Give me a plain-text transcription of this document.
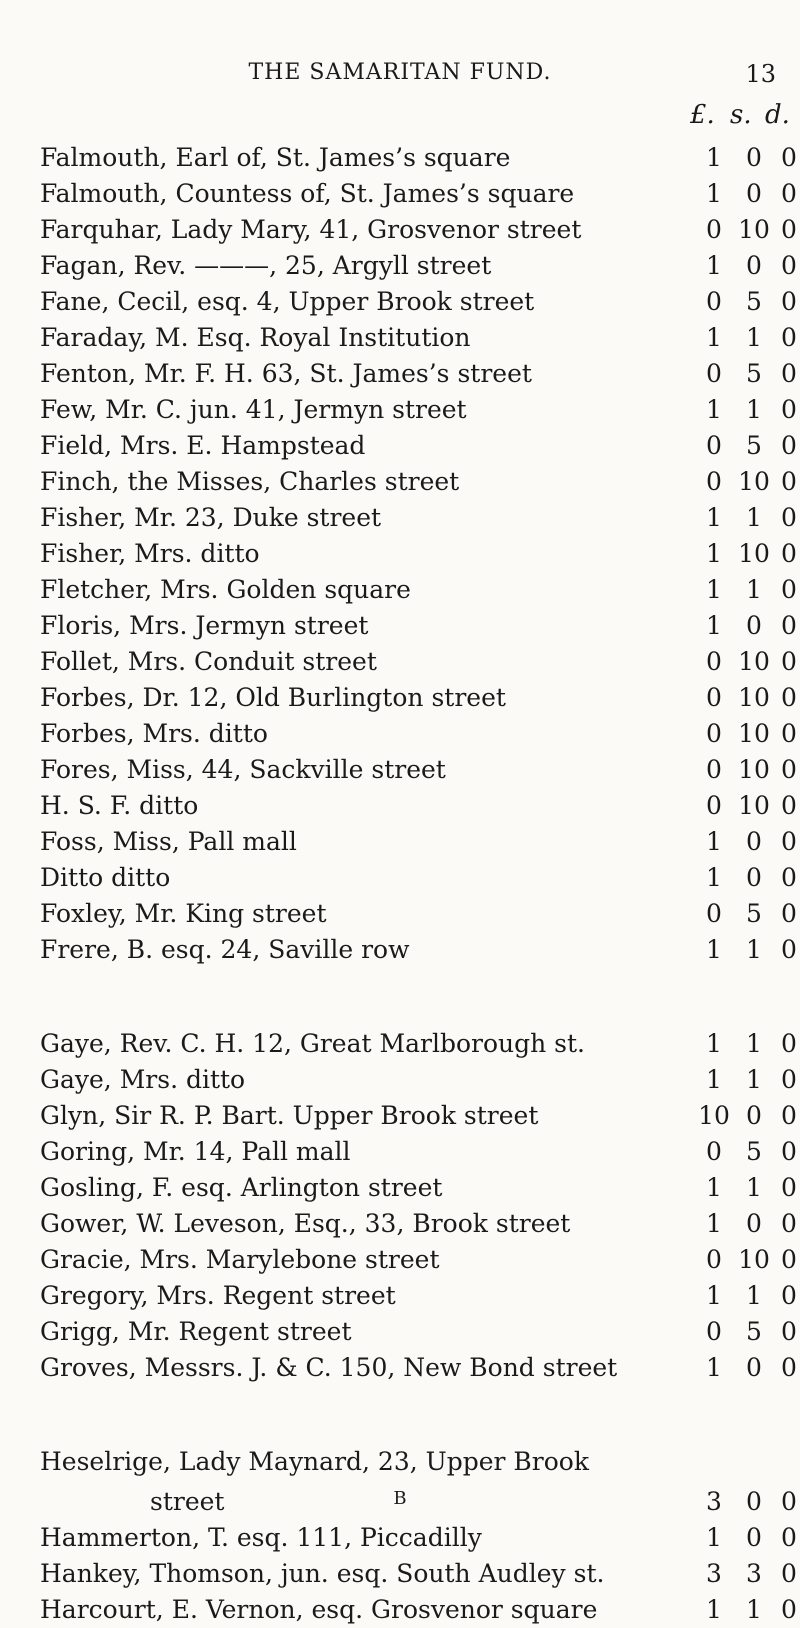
THE SAMARITAN FUND.	13
£. s. d.
Falmouth, Earl of, St. James’s square	1 0 0
Falmouth, Countess of, St. James’s square	1 0 0
Farquhar, Lady Mary, 41, Grosvenor street	0 10 0
Fagan, Rev. ———, 25, Argyll street	1 0 0
Fane, Cecil, esq. 4, Upper Brook street	0 5 0
Faraday, M. Esq. Royal Institution	1 1 0
Fenton, Mr. F. H. 63, St. James’s street	0 5 0
Few, Mr. C. jun. 41, Jermyn street	1 1 0
Field, Mrs. E. Hampstead	0 5 0
Finch, the Misses, Charles street	0 10 0
Fisher, Mr. 23, Duke street	1 1 0
Fisher, Mrs. ditto	1 10 0
Fletcher, Mrs. Golden square	1 1 0
Floris, Mrs. Jermyn street	1 0 0
Follet, Mrs. Conduit street	0 10 0
Forbes, Dr. 12, Old Burlington street	0 10 0
Forbes, Mrs. ditto	0 10 0
Fores, Miss, 44, Sackville street	0 10 0
H. S. F. ditto	0 10 0
Foss, Miss, Pall mall	1 0 0
Ditto ditto	1 0 0
Foxley, Mr. King street	0 5 0
Frere, B. esq. 24, Saville row	1 1 0
Gaye, Rev. C. H. 12, Great Marlborough st.	1 1 0
Gaye, Mrs. ditto	1 1 0
Glyn, Sir R. P. Bart. Upper Brook street	10 0 0
Goring, Mr. 14, Pall mall	0 5 0
Gosling, F. esq. Arlington street	1 1 0
Gower, W. Leveson, Esq., 33, Brook street	1 0 0
Gracie, Mrs. Marylebone street	0 10 0
Gregory, Mrs. Regent street	1 1 0
Grigg, Mr. Regent street	0 5 0
Groves, Messrs. J. & C. 150, New Bond street	1 0 0
Heselrige, Lady Maynard, 23, Upper Brook
street	3 0 0
Hammerton, T. esq. 111, Piccadilly	1 0 0
Hankey, Thomson, jun. esq. South Audley st.	3 3 0
Harcourt, E. Vernon, esq. Grosvenor square	1 1 0
B
